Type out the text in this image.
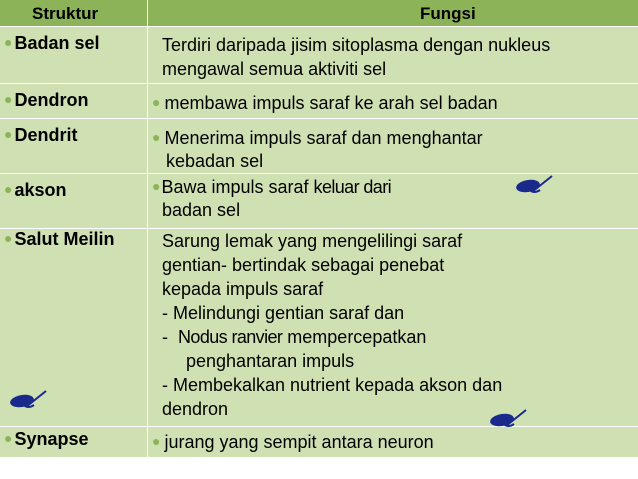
Struktur	Fungsi
● Badan sel	Terdiri daripada jisim sitoplasma dengan nukleus
mengawal semua aktiviti sel
● Dendron	● membawa impuls saraf ke arah sel badan
● Dendrit	● Menerima impuls saraf dan menghantar
kebadan sel
● akson	●Bawa impuls saraf keluar dari
badan sel
● Salut Meilin	Sarung lemak yang mengelilingi saraf
gentian- bertindak sebagai penebat
kepada impuls saraf
- Melindungi gentian saraf dan
- Nodus ranvier mempercepatkan
penghantaran impuls
- Membekalkan nutrient kepada akson dan
dendron
● Synapse	● jurang yang sempit antara neuron
